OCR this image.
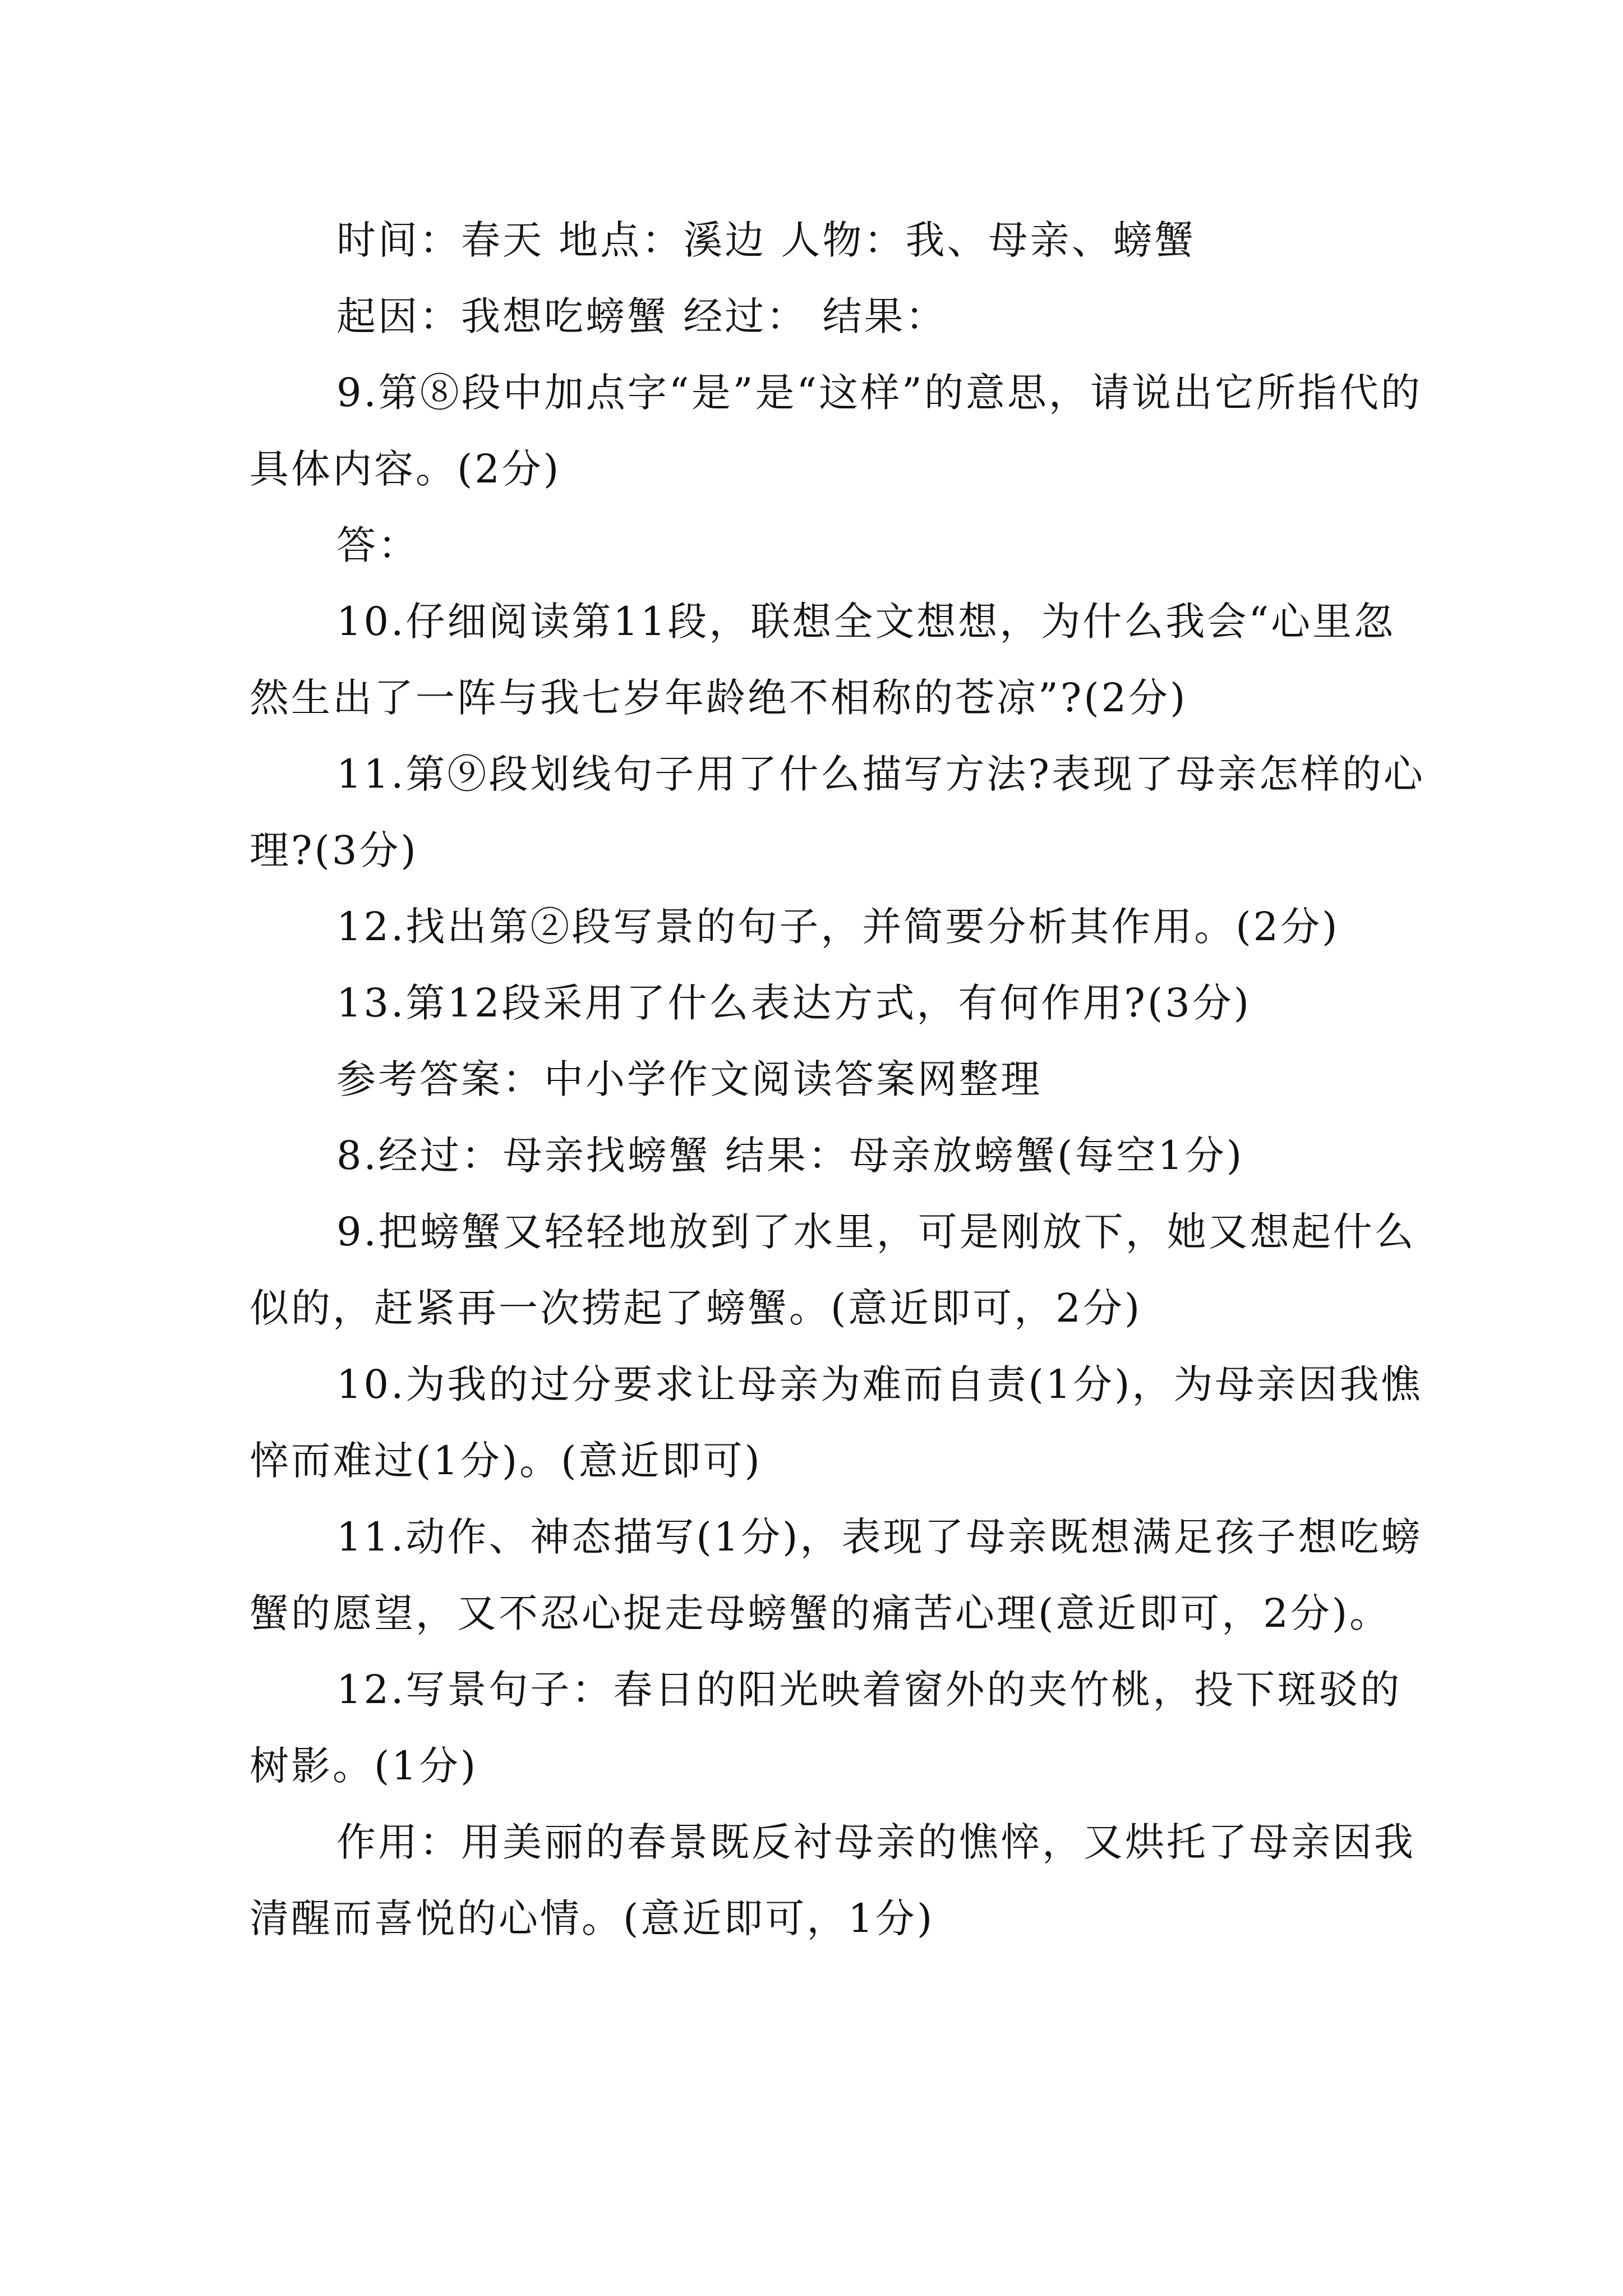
时间：春天 地点：溪边 人物：我、母亲、螃蟹

起因：我想吃螃蟹 经过： 结果：

9.第⑧段中加点字“是”是“这样”的意思，请说出它所指代的具体内容。(2分)

答：

10.仔细阅读第11段，联想全文想想，为什么我会“心里忽然生出了一阵与我七岁年龄绝不相称的苍凉”?(2分)

11.第⑨段划线句子用了什么描写方法?表现了母亲怎样的心理?(3分)

12.找出第②段写景的句子，并简要分析其作用。(2分)

13.第12段采用了什么表达方式，有何作用?(3分)

参考答案：中小学作文阅读答案网整理

8.经过：母亲找螃蟹 结果：母亲放螃蟹(每空1分)

9.把螃蟹又轻轻地放到了水里，可是刚放下，她又想起什么似的，赶紧再一次捞起了螃蟹。(意近即可，2分)

10.为我的过分要求让母亲为难而自责(1分)，为母亲因我憔悴而难过(1分)。(意近即可)

11.动作、神态描写(1分)，表现了母亲既想满足孩子想吃螃蟹的愿望，又不忍心捉走母螃蟹的痛苦心理(意近即可，2分)。

12.写景句子：春日的阳光映着窗外的夹竹桃，投下斑驳的树影。(1分)

作用：用美丽的春景既反衬母亲的憔悴，又烘托了母亲因我清醒而喜悦的心情。(意近即可，1分)
